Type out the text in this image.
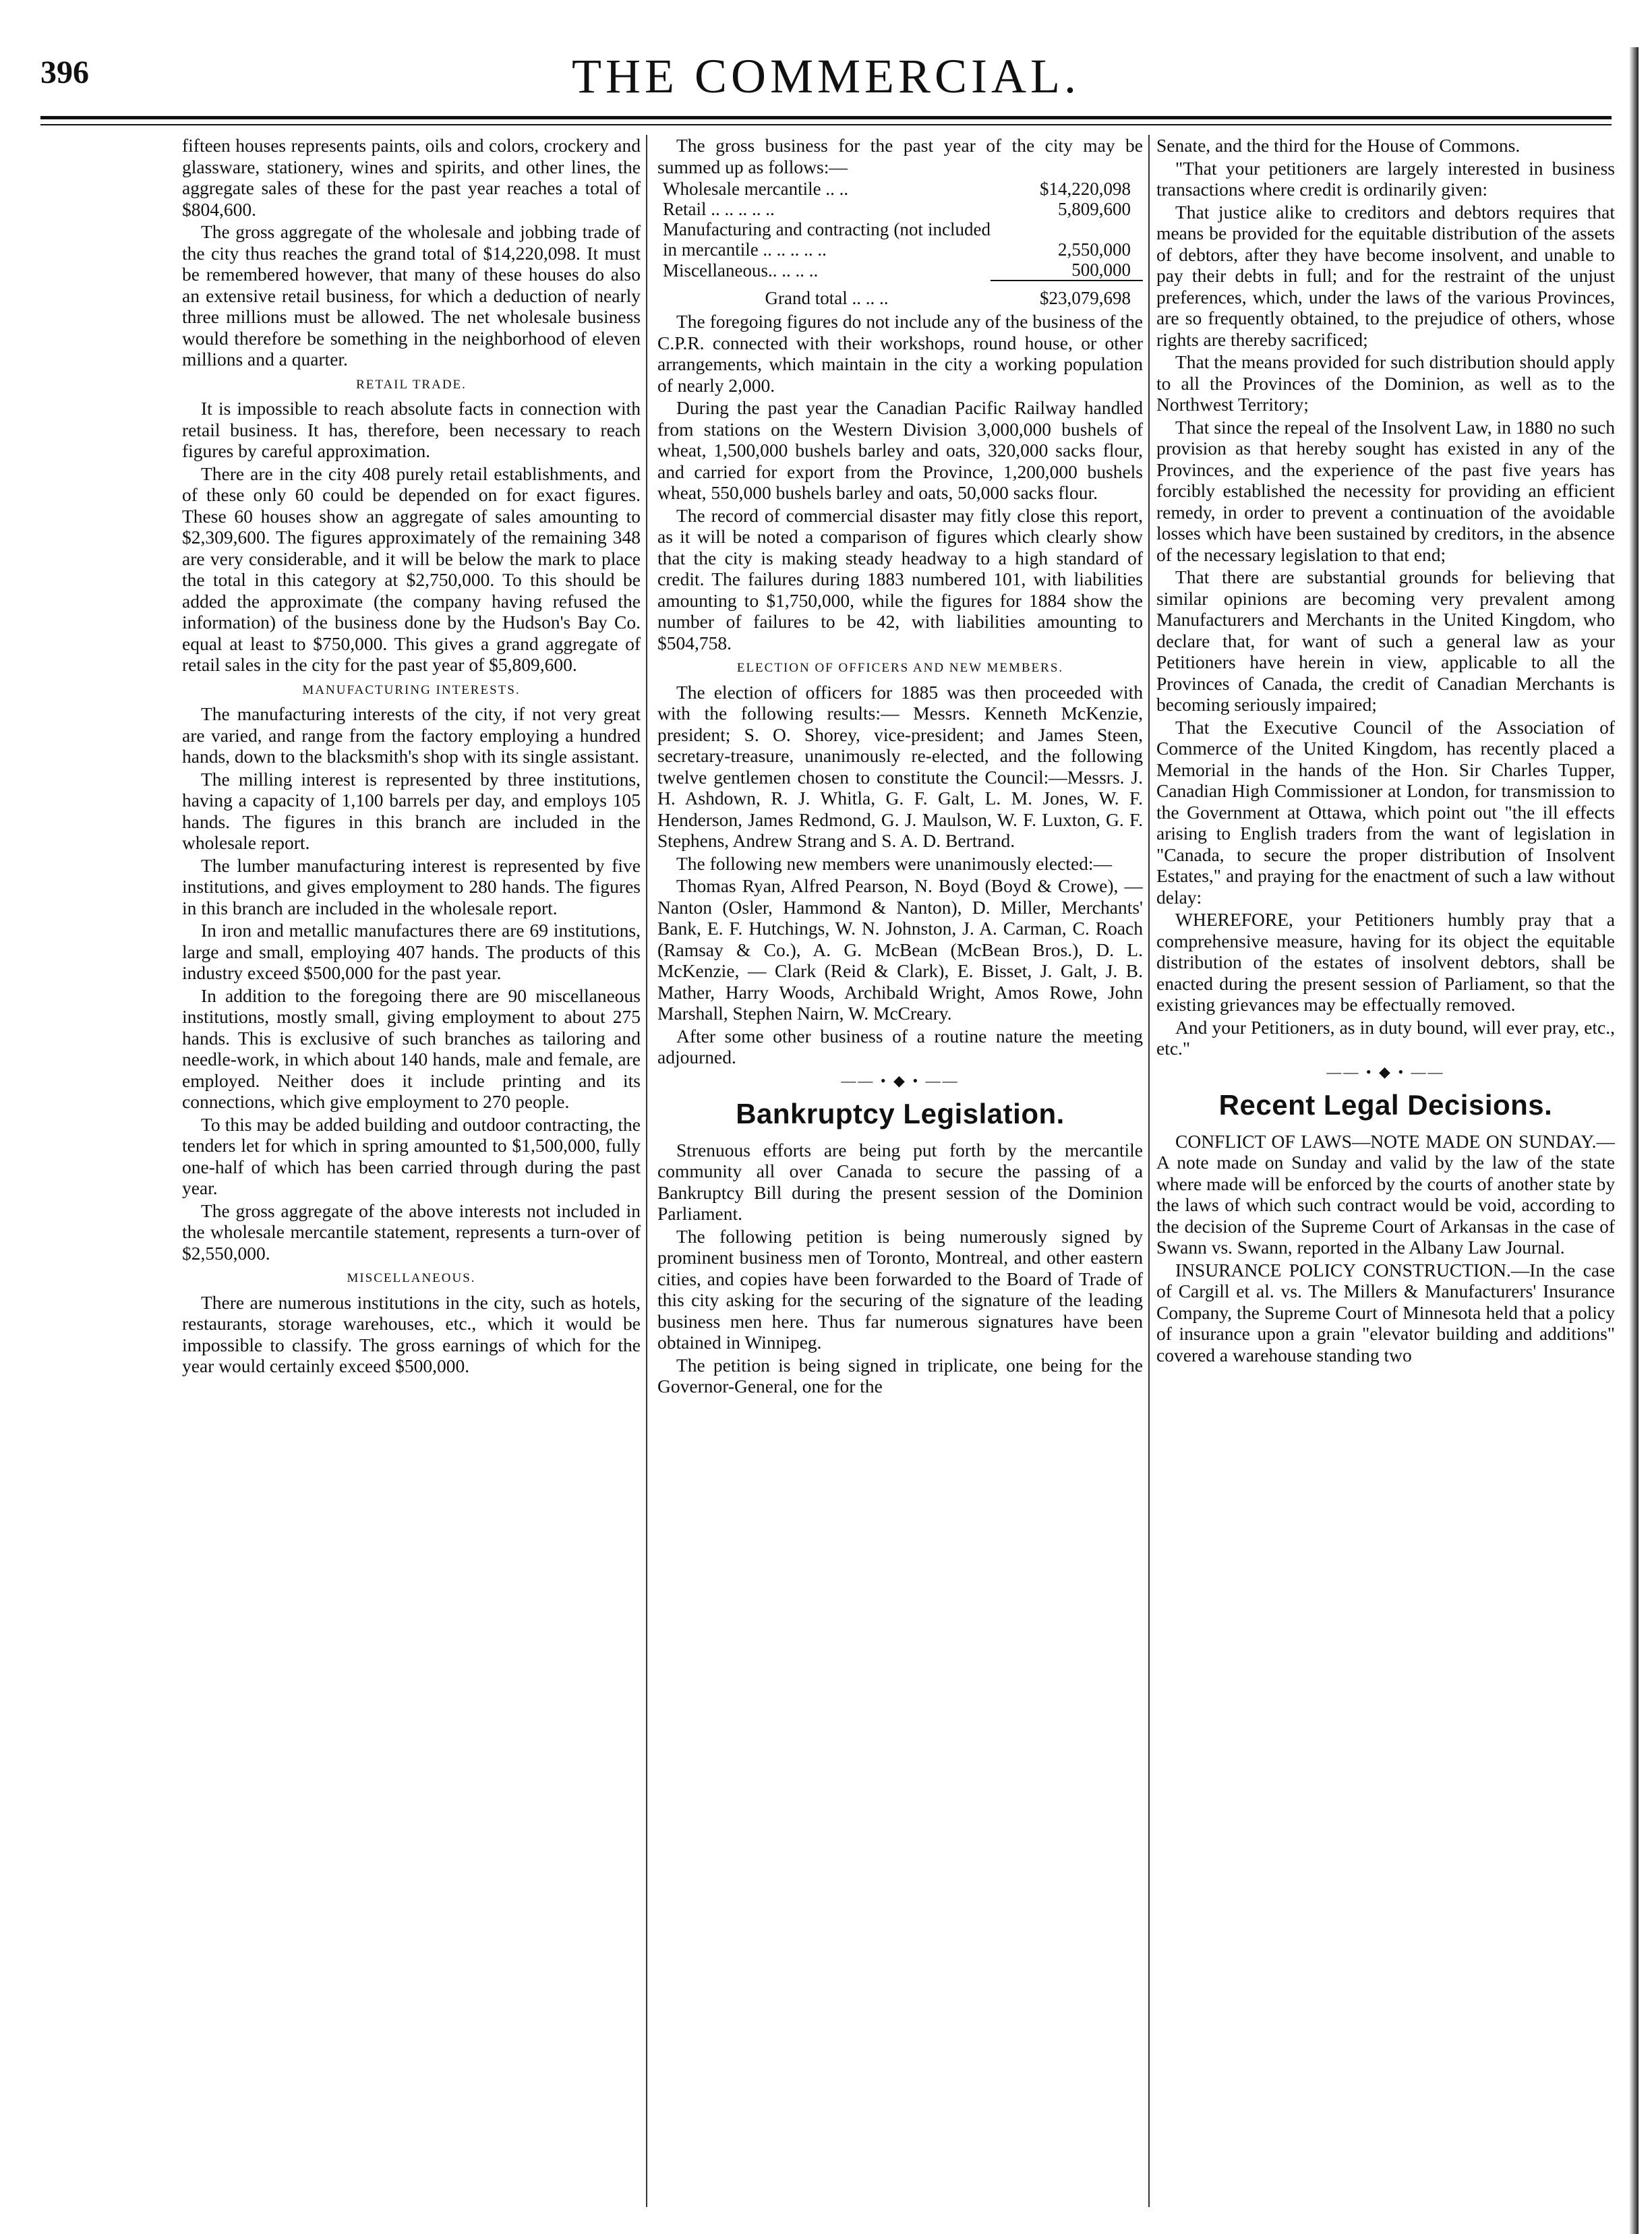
396	THE COMMERCIAL.

fifteen houses represents paints, oils and colors, crockery and glassware, stationery, wines and spirits, and other lines, the aggregate sales of these for the past year reaches a total of $804,600.

The gross aggregate of the wholesale and jobbing trade of the city thus reaches the grand total of $14,220,098. It must be remembered however, that many of these houses do also an extensive retail business, for which a deduction of nearly three millions must be allowed. The net wholesale business would therefore be something in the neighborhood of eleven millions and a quarter.

RETAIL TRADE.

It is impossible to reach absolute facts in connection with retail business. It has, therefore, been necessary to reach figures by careful approximation.

There are in the city 408 purely retail establishments, and of these only 60 could be depended on for exact figures. These 60 houses show an aggregate of sales amounting to $2,309,600. The figures approximately of the remaining 348 are very considerable, and it will be below the mark to place the total in this category at $2,750,000. To this should be added the approximate (the company having refused the information) of the business done by the Hudson's Bay Co. equal at least to $750,000. This gives a grand aggregate of retail sales in the city for the past year of $5,809,600.

MANUFACTURING INTERESTS.

The manufacturing interests of the city, if not very great are varied, and range from the factory employing a hundred hands, down to the blacksmith's shop with its single assistant.

The milling interest is represented by three institutions, having a capacity of 1,100 barrels per day, and employs 105 hands. The figures in this branch are included in the wholesale report.

The lumber manufacturing interest is represented by five institutions, and gives employment to 280 hands. The figures in this branch are included in the wholesale report.

In iron and metallic manufactures there are 69 institutions, large and small, employing 407 hands. The products of this industry exceed $500,000 for the past year.

In addition to the foregoing there are 90 miscellaneous institutions, mostly small, giving employment to about 275 hands. This is exclusive of such branches as tailoring and needle-work, in which about 140 hands, male and female, are employed. Neither does it include printing and its connections, which give employment to 270 people.

To this may be added building and outdoor contracting, the tenders let for which in spring amounted to $1,500,000, fully one-half of which has been carried through during the past year.

The gross aggregate of the above interests not included in the wholesale mercantile statement, represents a turn-over of $2,550,000.

MISCELLANEOUS.

There are numerous institutions in the city, such as hotels, restaurants, storage warehouses, etc., which it would be impossible to classify. The gross earnings of which for the year would certainly exceed $500,000.

The gross business for the past year of the city may be summed up as follows:—

Wholesale mercantile .. ..	$14,220,098
Retail .. .. .. .. ..	5,809,600
Manufacturing and contracting (not included in mercantile .. .. .. .. ..	2,550,000
Miscellaneous.. .. .. ..	500,000
Grand total .. .. ..	$23,079,698

The foregoing figures do not include any of the business of the C.P.R. connected with their workshops, round house, or other arrangements, which maintain in the city a working population of nearly 2,000.

During the past year the Canadian Pacific Railway handled from stations on the Western Division 3,000,000 bushels of wheat, 1,500,000 bushels barley and oats, 320,000 sacks flour, and carried for export from the Province, 1,200,000 bushels wheat, 550,000 bushels barley and oats, 50,000 sacks flour.

The record of commercial disaster may fitly close this report, as it will be noted a comparison of figures which clearly show that the city is making steady headway to a high standard of credit. The failures during 1883 numbered 101, with liabilities amounting to $1,750,000, while the figures for 1884 show the number of failures to be 42, with liabilities amounting to $504,758.

ELECTION OF OFFICERS AND NEW MEMBERS.

The election of officers for 1885 was then proceeded with with the following results:— Messrs. Kenneth McKenzie, president; S. O. Shorey, vice-president; and James Steen, secretary-treasure, unanimously re-elected, and the following twelve gentlemen chosen to constitute the Council:—Messrs. J. H. Ashdown, R. J. Whitla, G. F. Galt, L. M. Jones, W. F. Henderson, James Redmond, G. J. Maulson, W. F. Luxton, G. F. Stephens, Andrew Strang and S. A. D. Bertrand.

The following new members were unanimously elected:—

Thomas Ryan, Alfred Pearson, N. Boyd (Boyd & Crowe), — Nanton (Osler, Hammond & Nanton), D. Miller, Merchants' Bank, E. F. Hutchings, W. N. Johnston, J. A. Carman, C. Roach (Ramsay & Co.), A. G. McBean (McBean Bros.), D. L. McKenzie, — Clark (Reid & Clark), E. Bisset, J. Galt, J. B. Mather, Harry Woods, Archibald Wright, Amos Rowe, John Marshall, Stephen Nairn, W. McCreary.

After some other business of a routine nature the meeting adjourned.

—— • ◆ • ——
Bankruptcy Legislation.

Strenuous efforts are being put forth by the mercantile community all over Canada to secure the passing of a Bankruptcy Bill during the present session of the Dominion Parliament.

The following petition is being numerously signed by prominent business men of Toronto, Montreal, and other eastern cities, and copies have been forwarded to the Board of Trade of this city asking for the securing of the signature of the leading business men here. Thus far numerous signatures have been obtained in Winnipeg.

The petition is being signed in triplicate, one being for the Governor-General, one for the

Senate, and the third for the House of Commons.

"That your petitioners are largely interested in business transactions where credit is ordinarily given:

That justice alike to creditors and debtors requires that means be provided for the equitable distribution of the assets of debtors, after they have become insolvent, and unable to pay their debts in full; and for the restraint of the unjust preferences, which, under the laws of the various Provinces, are so frequently obtained, to the prejudice of others, whose rights are thereby sacrificed;

That the means provided for such distribution should apply to all the Provinces of the Dominion, as well as to the Northwest Territory;

That since the repeal of the Insolvent Law, in 1880 no such provision as that hereby sought has existed in any of the Provinces, and the experience of the past five years has forcibly established the necessity for providing an efficient remedy, in order to prevent a continuation of the avoidable losses which have been sustained by creditors, in the absence of the necessary legislation to that end;

That there are substantial grounds for believing that similar opinions are becoming very prevalent among Manufacturers and Merchants in the United Kingdom, who declare that, for want of such a general law as your Petitioners have herein in view, applicable to all the Provinces of Canada, the credit of Canadian Merchants is becoming seriously impaired;

That the Executive Council of the Association of Commerce of the United Kingdom, has recently placed a Memorial in the hands of the Hon. Sir Charles Tupper, Canadian High Commissioner at London, for transmission to the Government at Ottawa, which point out "the ill effects arising to English traders from the want of legislation in "Canada, to secure the proper distribution of Insolvent Estates," and praying for the enactment of such a law without delay:

WHEREFORE, your Petitioners humbly pray that a comprehensive measure, having for its object the equitable distribution of the estates of insolvent debtors, shall be enacted during the present session of Parliament, so that the existing grievances may be effectually removed.

And your Petitioners, as in duty bound, will ever pray, etc., etc."

—— • ◆ • ——
Recent Legal Decisions.

CONFLICT OF LAWS—NOTE MADE ON SUNDAY.—A note made on Sunday and valid by the law of the state where made will be enforced by the courts of another state by the laws of which such contract would be void, according to the decision of the Supreme Court of Arkansas in the case of Swann vs. Swann, reported in the Albany Law Journal.

INSURANCE POLICY CONSTRUCTION.—In the case of Cargill et al. vs. The Millers & Manufacturers' Insurance Company, the Supreme Court of Minnesota held that a policy of insurance upon a grain "elevator building and additions" covered a warehouse standing two
